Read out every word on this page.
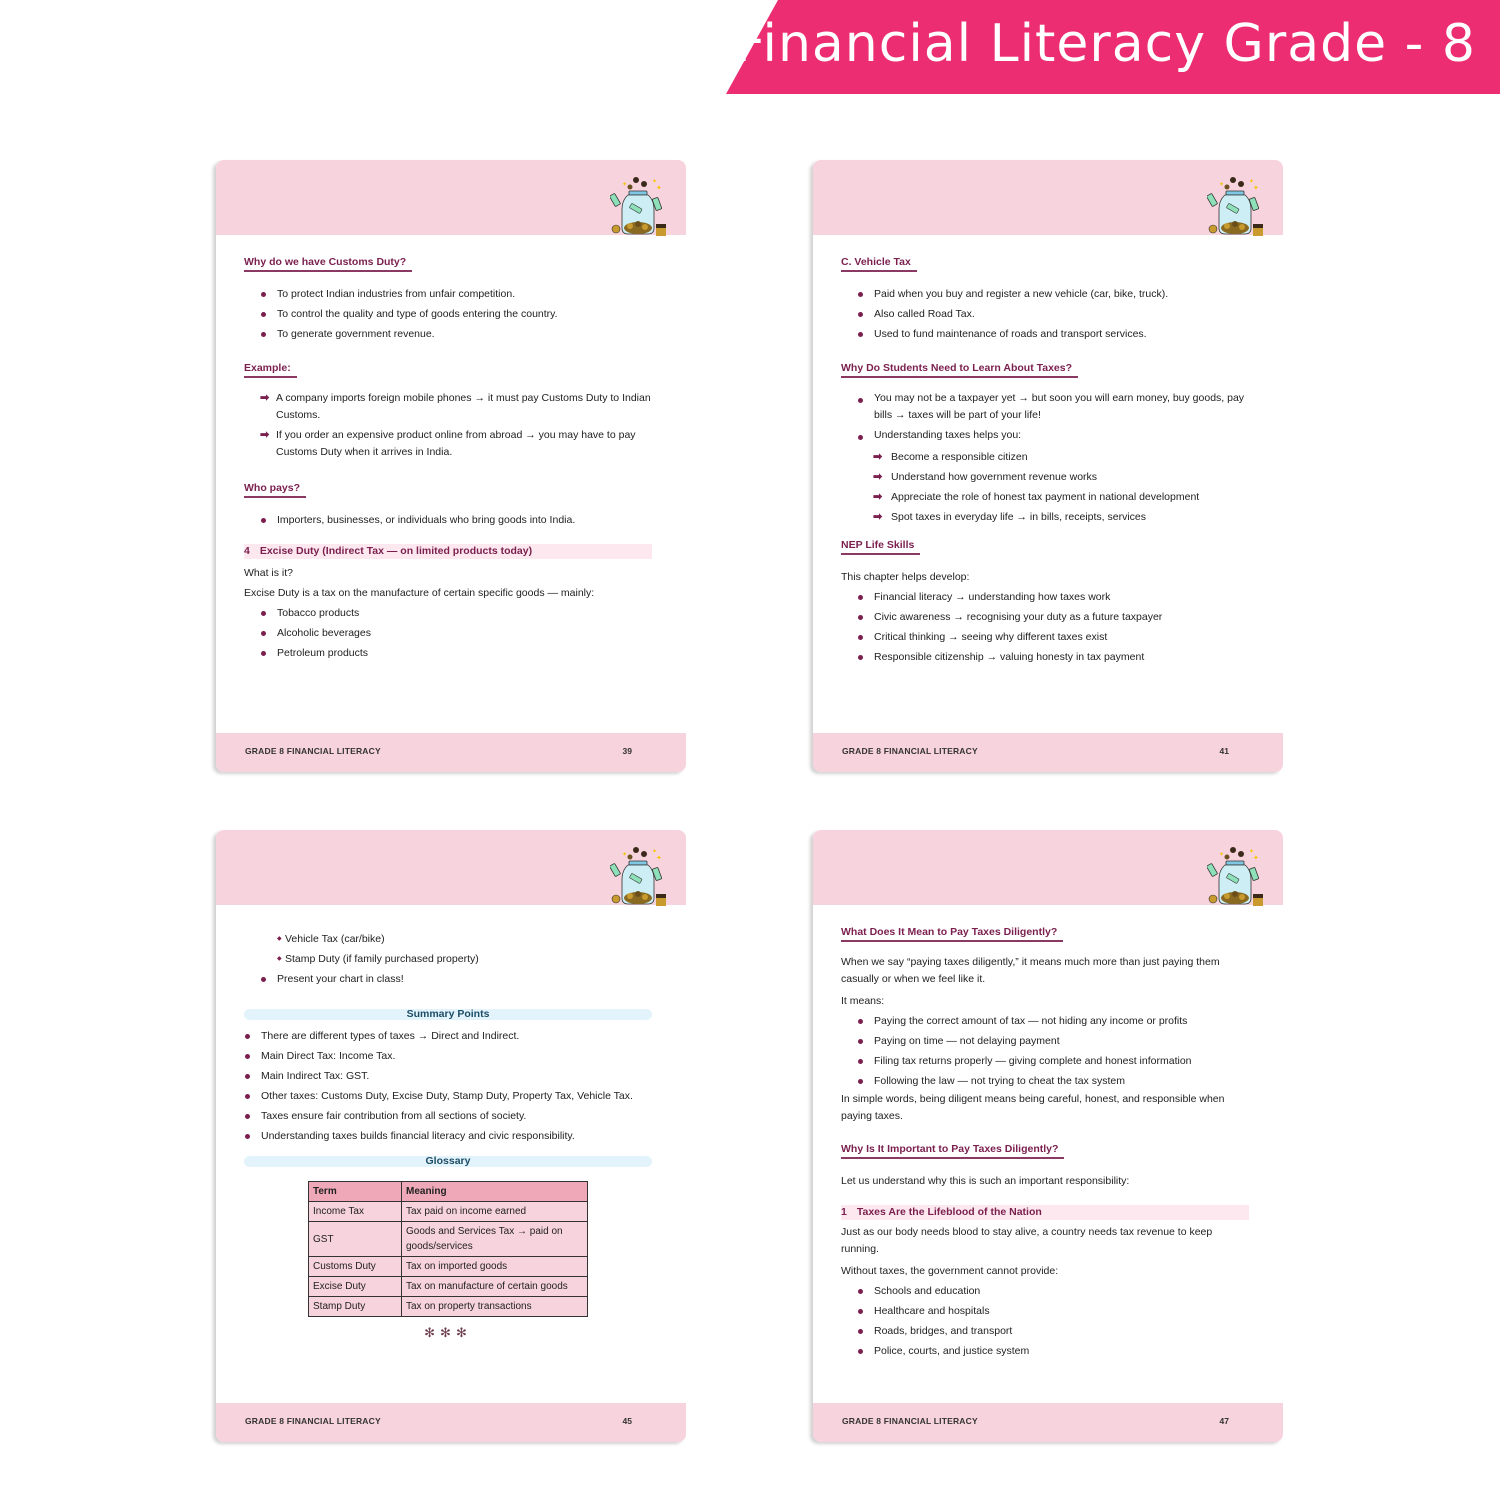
Financial Literacy Grade - 8
✦	✦
✦
Why do we have Customs Duty?
To protect Indian industries from unfair competition.
To control the quality and type of goods entering the country.
To generate government revenue.
Example:
➡ A company imports foreign mobile phones → it must pay Customs Duty to Indian Customs.
➡ If you order an expensive product online from abroad → you may have to pay Customs Duty when it arrives in India.
Who pays?
Importers, businesses, or individuals who bring goods into India.
4 Excise Duty (Indirect Tax — on limited products today)

What is it?

Excise Duty is a tax on the manufacture of certain specific goods — mainly:

Tobacco products
Alcoholic beverages
Petroleum products
GRADE 8 FINANCIAL LITERACY	39
✦	✦
✦
C. Vehicle Tax
Paid when you buy and register a new vehicle (car, bike, truck).
Also called Road Tax.
Used to fund maintenance of roads and transport services.
Why Do Students Need to Learn About Taxes?
You may not be a taxpayer yet → but soon you will earn money, buy goods, pay bills → taxes will be part of your life!
Understanding taxes helps you:
➡ Become a responsible citizen
➡ Understand how government revenue works
➡ Appreciate the role of honest tax payment in national development
➡ Spot taxes in everyday life → in bills, receipts, services
NEP Life Skills

This chapter helps develop:

Financial literacy → understanding how taxes work
Civic awareness → recognising your duty as a future taxpayer
Critical thinking → seeing why different taxes exist
Responsible citizenship → valuing honesty in tax payment
GRADE 8 FINANCIAL LITERACY	41
✦	✦
✦
◆ Vehicle Tax (car/bike)
◆ Stamp Duty (if family purchased property)
Present your chart in class!
Summary Points
There are different types of taxes → Direct and Indirect.
Main Direct Tax: Income Tax.
Main Indirect Tax: GST.
Other taxes: Customs Duty, Excise Duty, Stamp Duty, Property Tax, Vehicle Tax.
Taxes ensure fair contribution from all sections of society.
Understanding taxes builds financial literacy and civic responsibility.
Glossary
Term	Meaning
Income Tax	Tax paid on income earned
GST	Goods and Services Tax → paid on goods/services
Customs Duty	Tax on imported goods
Excise Duty	Tax on manufacture of certain goods
Stamp Duty	Tax on property transactions
✻✻✻
GRADE 8 FINANCIAL LITERACY	45
✦	✦
✦
What Does It Mean to Pay Taxes Diligently?

When we say “paying taxes diligently,” it means much more than just paying them casually or when we feel like it.

It means:

Paying the correct amount of tax — not hiding any income or profits
Paying on time — not delaying payment
Filing tax returns properly — giving complete and honest information
Following the law — not trying to cheat the tax system

In simple words, being diligent means being careful, honest, and responsible when paying taxes.

Why Is It Important to Pay Taxes Diligently?

Let us understand why this is such an important responsibility:

1 Taxes Are the Lifeblood of the Nation

Just as our body needs blood to stay alive, a country needs tax revenue to keep running.

Without taxes, the government cannot provide:

Schools and education
Healthcare and hospitals
Roads, bridges, and transport
Police, courts, and justice system
GRADE 8 FINANCIAL LITERACY	47
